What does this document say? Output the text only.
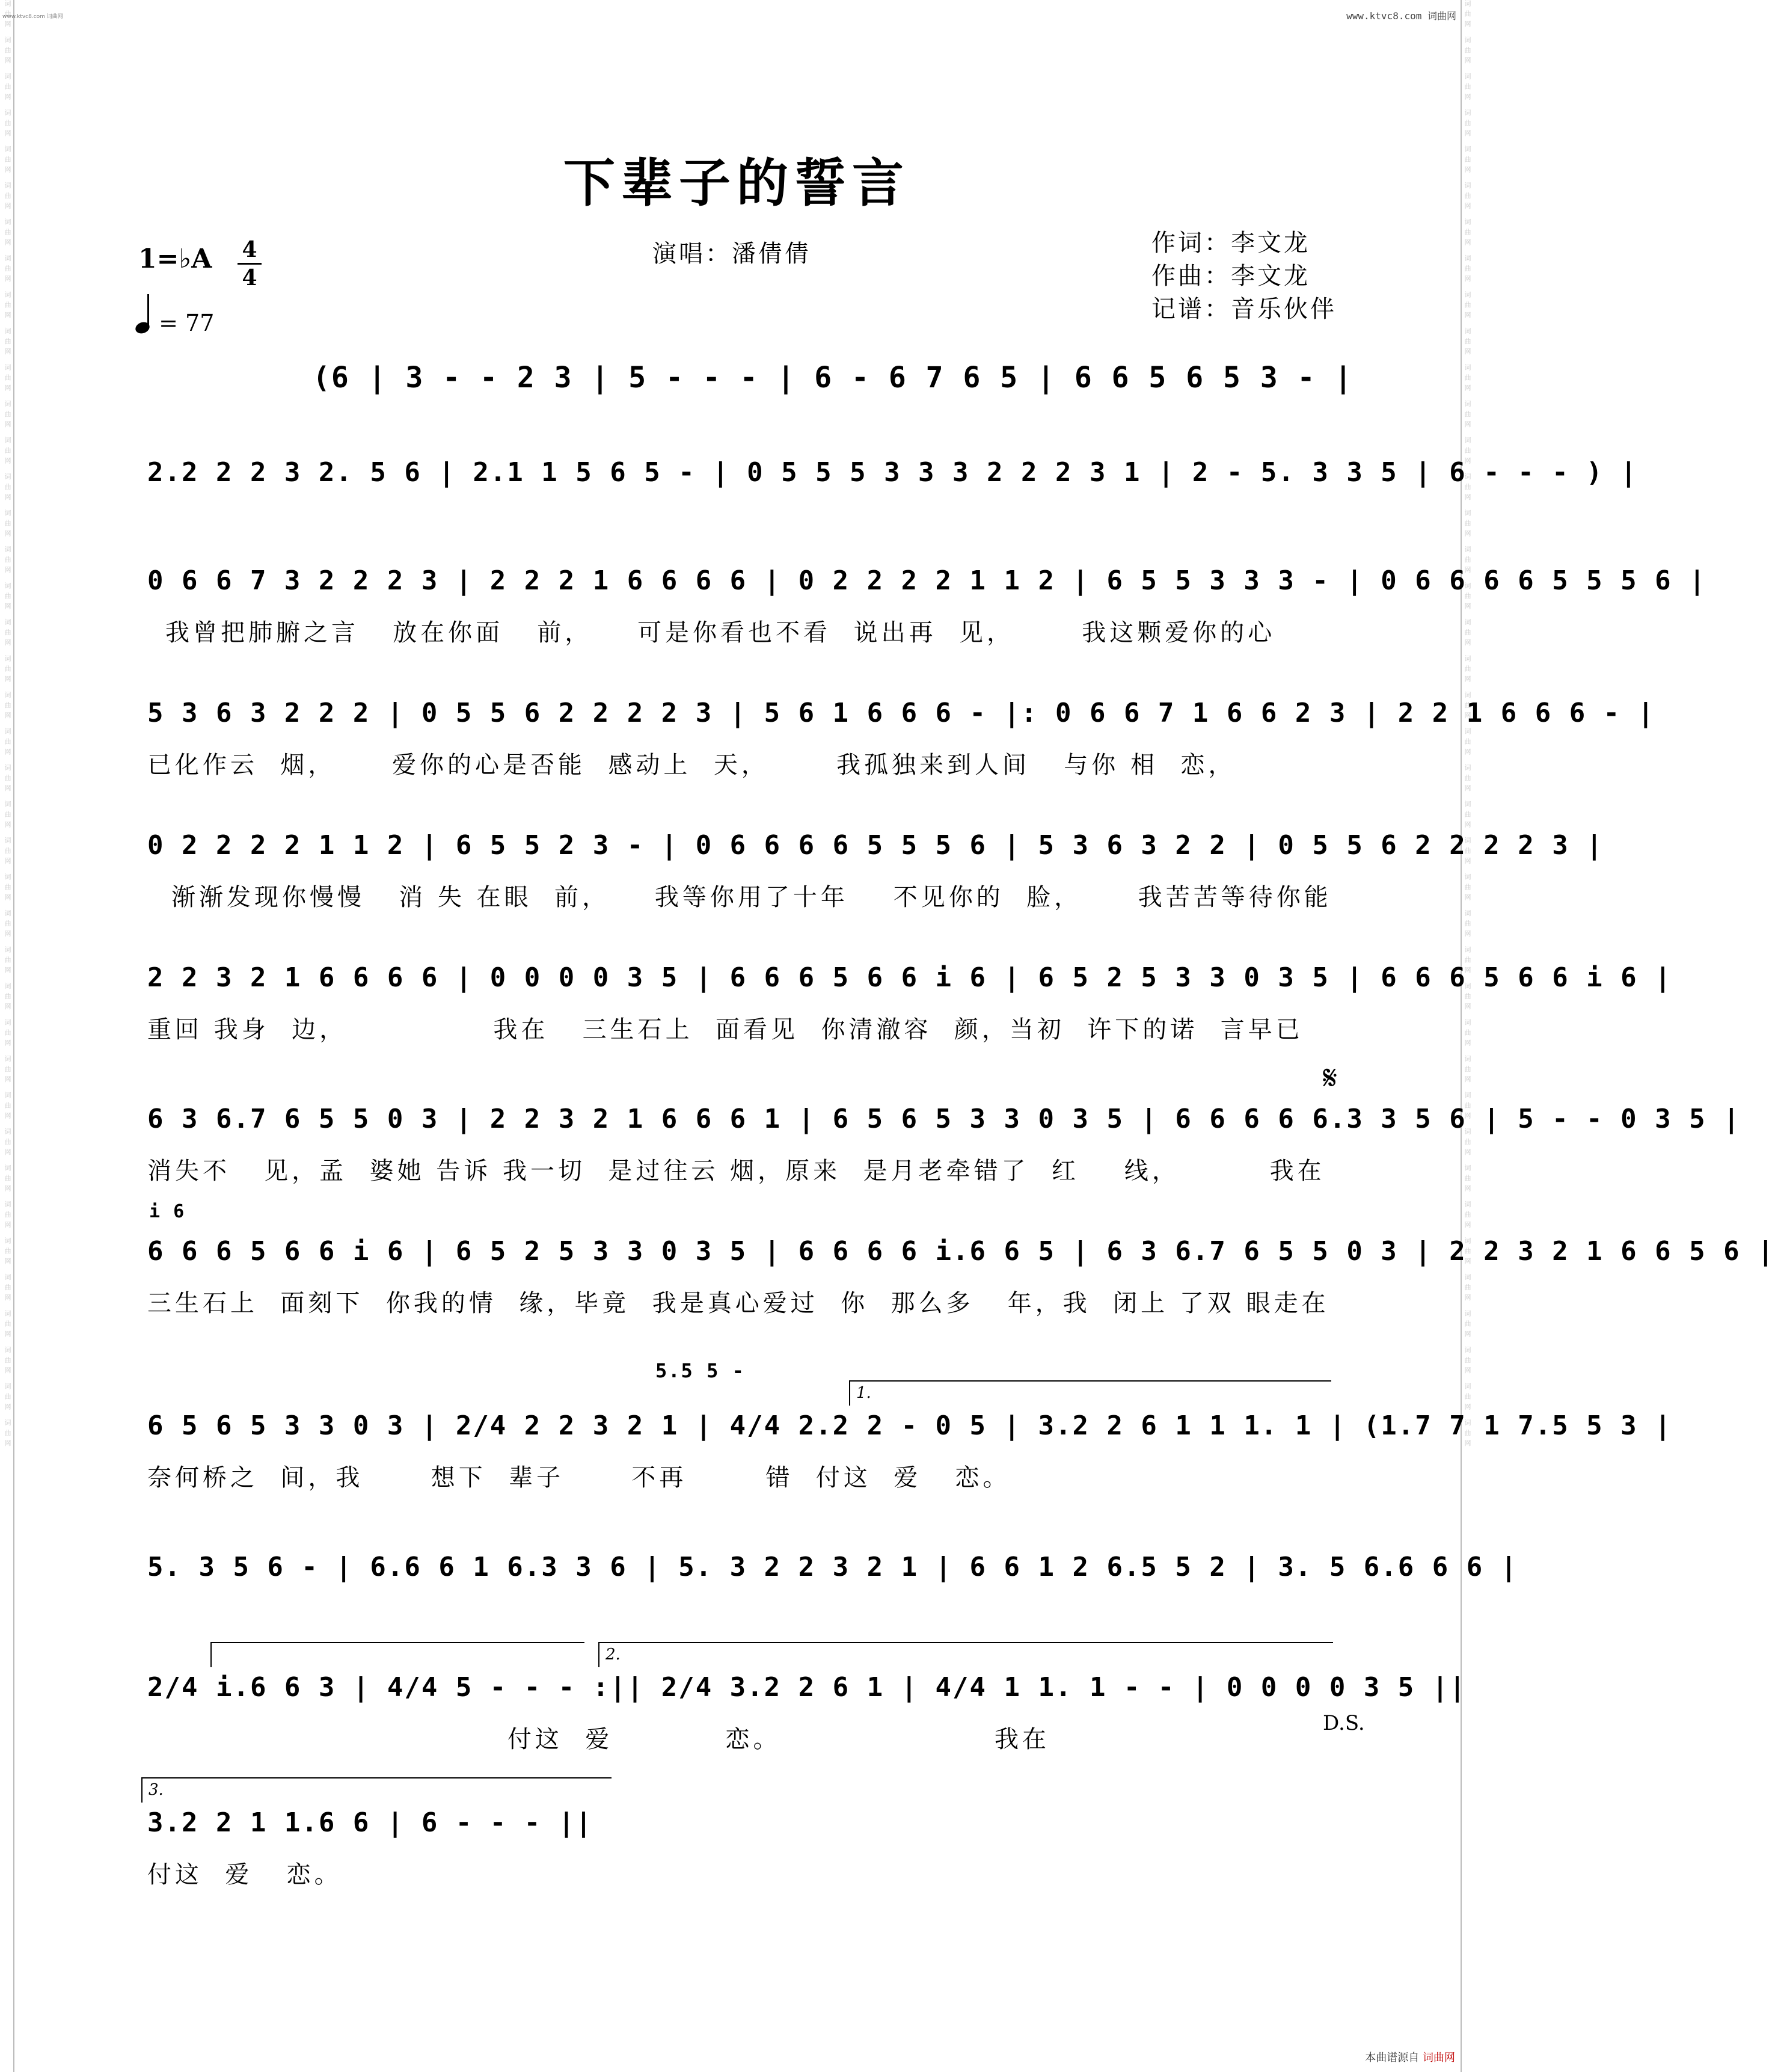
词曲网 词曲网 词曲网 词曲网 词曲网 词曲网 词曲网 词曲网 词曲网 词曲网 词曲网 词曲网 词曲网 词曲网 词曲网 词曲网 词曲网 词曲网 词曲网 词曲网 词曲网 词曲网 词曲网 词曲网 词曲网 词曲网 词曲网 词曲网 词曲网 词曲网 词曲网 词曲网 词曲网 词曲网 词曲网 词曲网 词曲网 词曲网 词曲网 词曲网	词曲网 词曲网 词曲网 词曲网 词曲网 词曲网 词曲网 词曲网 词曲网 词曲网 词曲网 词曲网 词曲网 词曲网 词曲网 词曲网 词曲网 词曲网 词曲网 词曲网 词曲网 词曲网 词曲网 词曲网 词曲网 词曲网 词曲网 词曲网 词曲网 词曲网 词曲网 词曲网 词曲网 词曲网 词曲网 词曲网 词曲网 词曲网 词曲网 词曲网
www.ktvc8.com 词曲网	www.ktvc8.com 词曲网
下辈子的誓言
1=♭A 4
4
= 77
演唱：潘倩倩	作词：李文龙
作曲：李文龙
记谱：音乐伙伴
(6 | 3 - - 2 3 | 5 - - - | 6 - 6 7 6 5 | 6 6 5 6 5 3 - |
2.2 2 2 3 2. 5 6 | 2.1 1 5 6 5 - | 0 5 5 5 3 3 3 2 2 2 3 1 | 2 - 5. 3 3 5 | 6 - - - ) |
0 6 6 7 3 2 2 2 3 | 2 2 2 1 6 6 6 6 | 0 2 2 2 2 1 1 2 | 6 5 5 3 3 3 - | 0 6 6 6 6 5 5 5 6 |
我曾把肺腑之言   放在你面   前，    可是你看也不看  说出再  见，      我这颗爱你的心
5 3 6 3 2 2 2 | 0 5 5 6 2 2 2 2 3 | 5 6 1 6 6 6 - |: 0 6 6 7 1 6 6 2 3 | 2 2 1 6 6 6 - |
已化作云  烟，     爱你的心是否能  感动上  天，      我孤独来到人间   与你 相  恋，
0 2 2 2 2 1 1 2 | 6 5 5 2 3 - | 0 6 6 6 6 5 5 5 6 | 5 3 6 3 2 2 | 0 5 5 6 2 2 2 2 3 |
渐渐发现你慢慢   消 失 在眼  前，    我等你用了十年    不见你的  脸，     我苦苦等待你能
2 2 3 2 1 6 6 6 6 | 0 0 0 0 3 5 | 6 6 6 5 6 6 i 6 | 6 5 2 5 3 3 0 3 5 | 6 6 6 5 6 6 i 6 |
重回 我身  边，             我在   三生石上  面看见  你清澈容  颜，当初  许下的诺  言早已
𝄋
6 3 6.7 6 5 5 0 3 | 2 2 3 2 1 6 6 6 1 | 6 5 6 5 3 3 0 3 5 | 6 6 6 6 6.3 3 5 6 | 5 - - 0 3 5 |
消失不   见，孟  婆她 告诉 我一切  是过往云 烟，原来  是月老牵错了  红    线，        我在
i 6
6 6 6 5 6 6 i 6 | 6 5 2 5 3 3 0 3 5 | 6 6 6 6 i.6 6 5 | 6 3 6.7 6 5 5 0 3 | 2 2 3 2 1 6 6 5 6 |
三生石上  面刻下  你我的情  缘，毕竟  我是真心爱过  你  那么多   年，我  闭上 了双 眼走在
5.5 5 -
1.
6 5 6 5 3 3 0 3 | 2/4 2 2 3 2 1 | 4/4 2.2 2 - 0 5 | 3.2 2 6 1 1 1. 1 | (1.7 7 1 7.5 5 3 |
奈何桥之  间，我      想下  辈子      不再       错  付这  爱   恋。
5. 3 5 6 - | 6.6 6 1 6.3 3 6 | 5. 3 2 2 3 2 1 | 6 6 1 2 6.5 5 2 | 3. 5 6.6 6 6 |
2.
2/4 i.6 6 3 | 4/4 5 - - - :|| 2/4 3.2 2 6 1 | 4/4 1 1. 1 - - | 0 0 0 0 3 5 ||
付这  爱          恋。                   我在
D.S.
3.
3.2 2 1 1.6 6 | 6 - - - ||
付这  爱   恋。
本曲谱源自 词曲网
